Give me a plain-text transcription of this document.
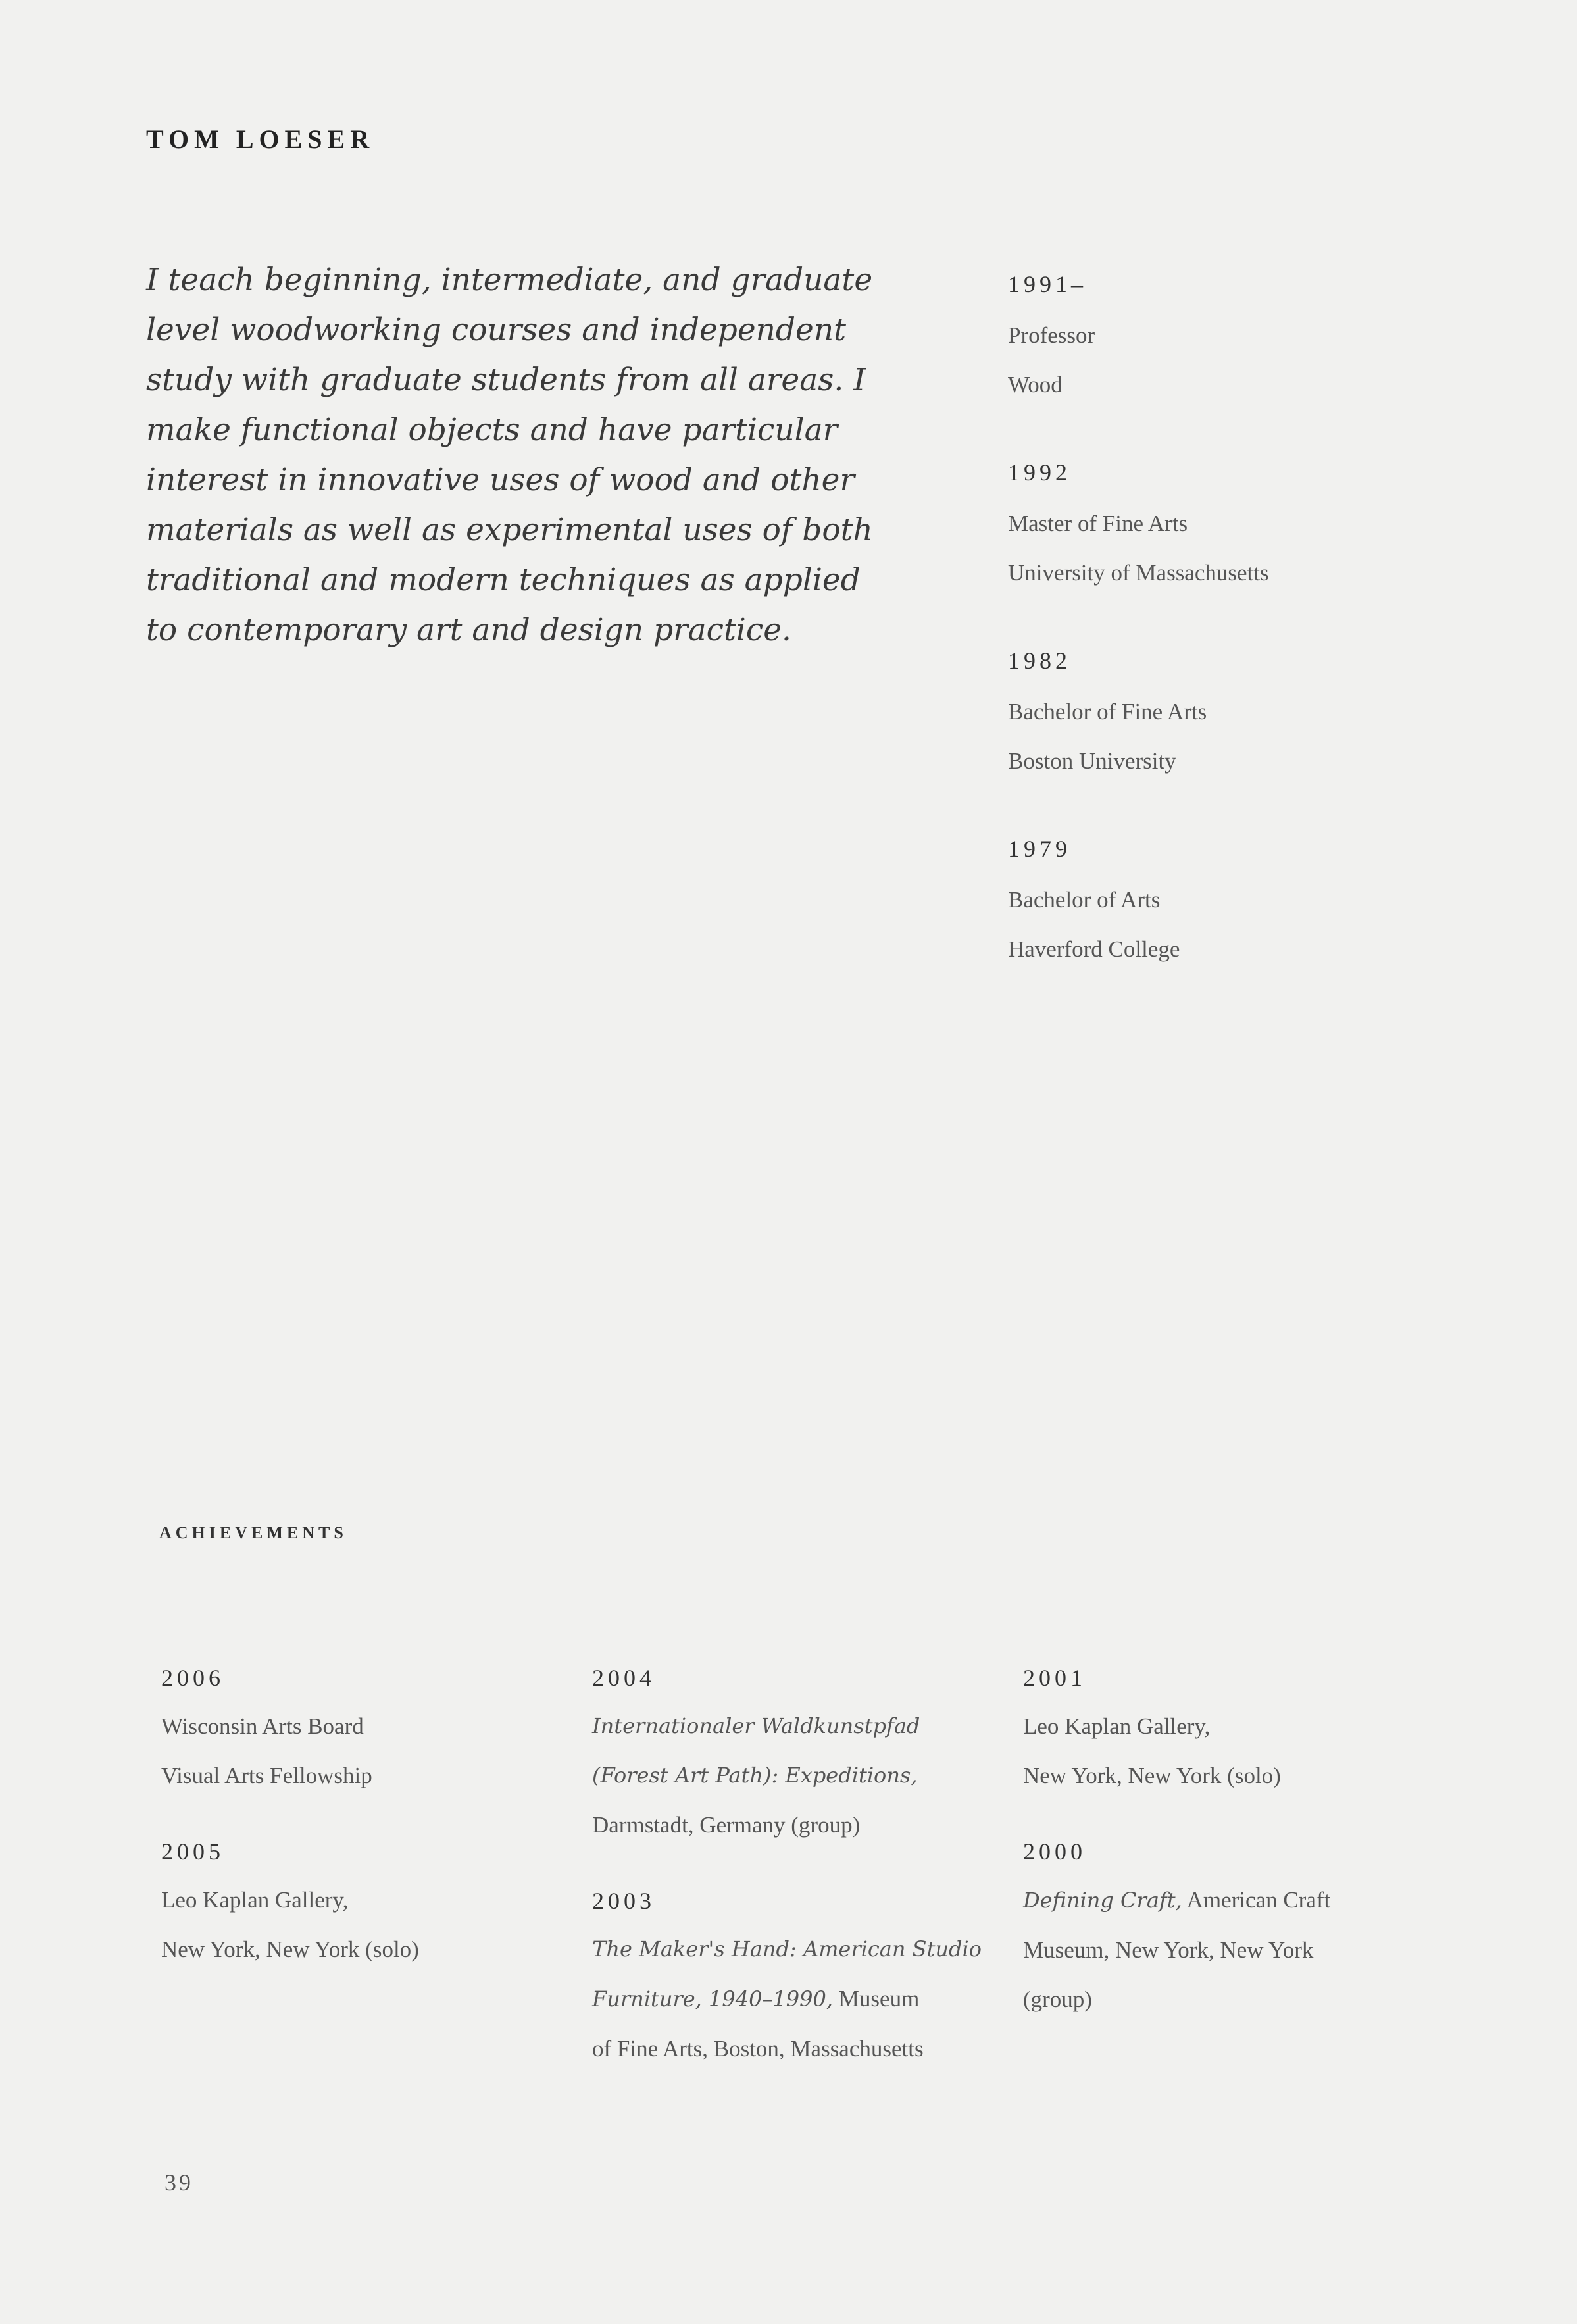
TOM LOESER
I teach beginning, intermediate, and graduate level woodworking courses and independent study with graduate students from all areas. I make functional objects and have particular interest in innovative uses of wood and other materials as well as experimental uses of both traditional and modern techniques as applied to contemporary art and design practice.
1991–
Professor
Wood
1992
Master of Fine Arts
University of Massachusetts
1982
Bachelor of Fine Arts
Boston University
1979
Bachelor of Arts
Haverford College
ACHIEVEMENTS
2006
Wisconsin Arts Board
Visual Arts Fellowship
2005
Leo Kaplan Gallery,
New York, New York (solo)
2004
Internationaler Waldkunstpfad
(Forest Art Path): Expeditions,
Darmstadt, Germany (group)
2003
The Maker's Hand: American Studio
Furniture, 1940–1990, Museum
of Fine Arts, Boston, Massachusetts
2001
Leo Kaplan Gallery,
New York, New York (solo)
2000
Defining Craft, American Craft
Museum, New York, New York
(group)
39
